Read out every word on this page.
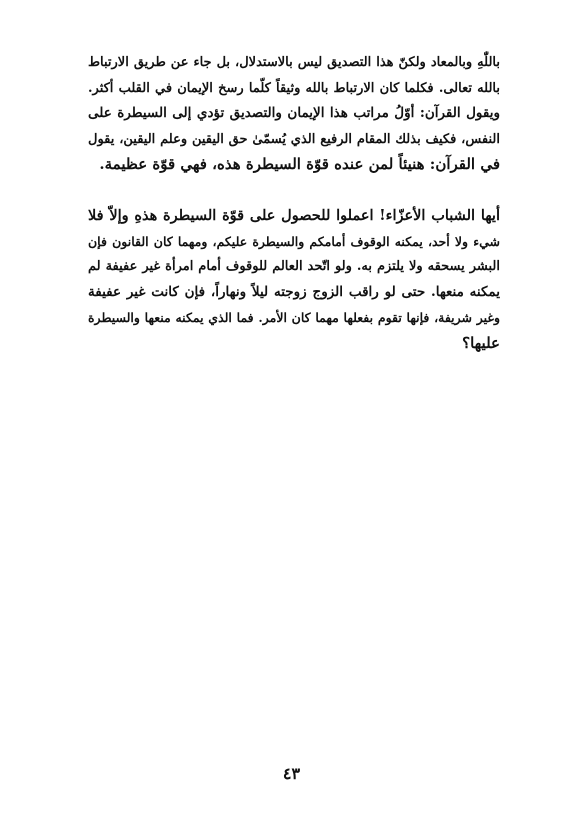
باللّٰهِ وبالمعاد ولكنّ هذا التصديق ليس بالاستدلال، بل جاء عن طريق الارتباط
بالله تعالى. فكلما كان الارتباط بالله وثيقاً كلّما رسخ الإيمان في القلب أكثر.
ويقول القرآن: أوّلُ مراتب هذا الإيمان والتصديق تؤدي إلى السيطرة على
النفس، فكيف بذلك المقام الرفيع الذي يُسمّىٰ حق اليقين وعلم اليقين، يقول
في القرآن: هنيئاً لمن عنده قوّة السيطرة هذه، فهي قوّة عظيمة.
أيها الشباب الأعزّاء! اعملوا للحصول على قوّة السيطرة هذهِ وإلاّ فلا
شيء ولا أحد، يمكنه الوقوف أمامكم والسيطرة عليكم، ومهما كان القانون فإن
البشر يسحقه ولا يلتزم به. ولو اتّحد العالم للوقوف أمام امرأة غير عفيفة لم
يمكنه منعها. حتى لو راقب الزوج زوجته ليلاً ونهاراً، فإن كانت غير عفيفة
وغير شريفة، فإنها تقوم بفعلها مهما كان الأمر. فما الذي يمكنه منعها والسيطرة
عليها؟
٤٣
